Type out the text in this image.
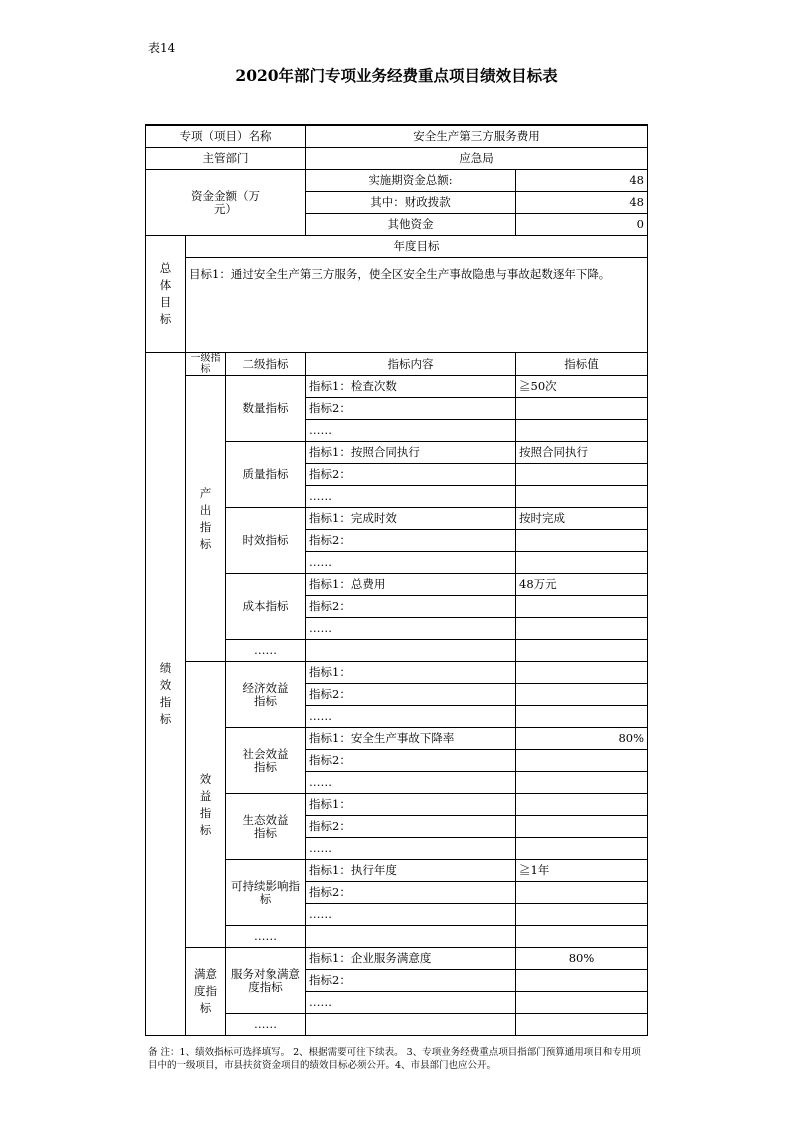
表14
2020年部门专项业务经费重点项目绩效目标表
专项（项目）名称			安全生产第三方服务费用	
主管部门			应急局	
资金金额（万元）			实施期资金总额:	48
			其中：财政拨款	48
			其他资金	0
总体目标	年度目标			
	目标1：通过安全生产第三方服务，使全区安全生产事故隐患与事故起数逐年下降。			
绩效指标	一级指标	二级指标	指标内容	指标值
	产出指标	数量指标	指标1：检查次数	≧50次
			指标2：	
			……	
		质量指标	指标1：按照合同执行	按照合同执行
			指标2：	
			……	
		时效指标	指标1：完成时效	按时完成
			指标2：	
			……	
		成本指标	指标1：总费用	48万元
			指标2：	
			……	
		……		
	效益指标	经济效益指标	指标1：	
			指标2：	
			……	
		社会效益指标	指标1：安全生产事故下降率	80%
			指标2：	
			……	
		生态效益指标	指标1：	
			指标2：	
			……	
		可持续影响指标	指标1：执行年度	≧1年
			指标2：	
			……	
		……		
	满意度指标	服务对象满意度指标	指标1：企业服务满意度	80%
			指标2：	
			……	
		……		
备 注：1、绩效指标可选择填写。 2、根据需要可往下续表。 3、专项业务经费重点项目指部门预算通用项目和专用项目中的一级项目，市县扶贫资金项目的绩效目标必须公开。4、市县部门也应公开。
